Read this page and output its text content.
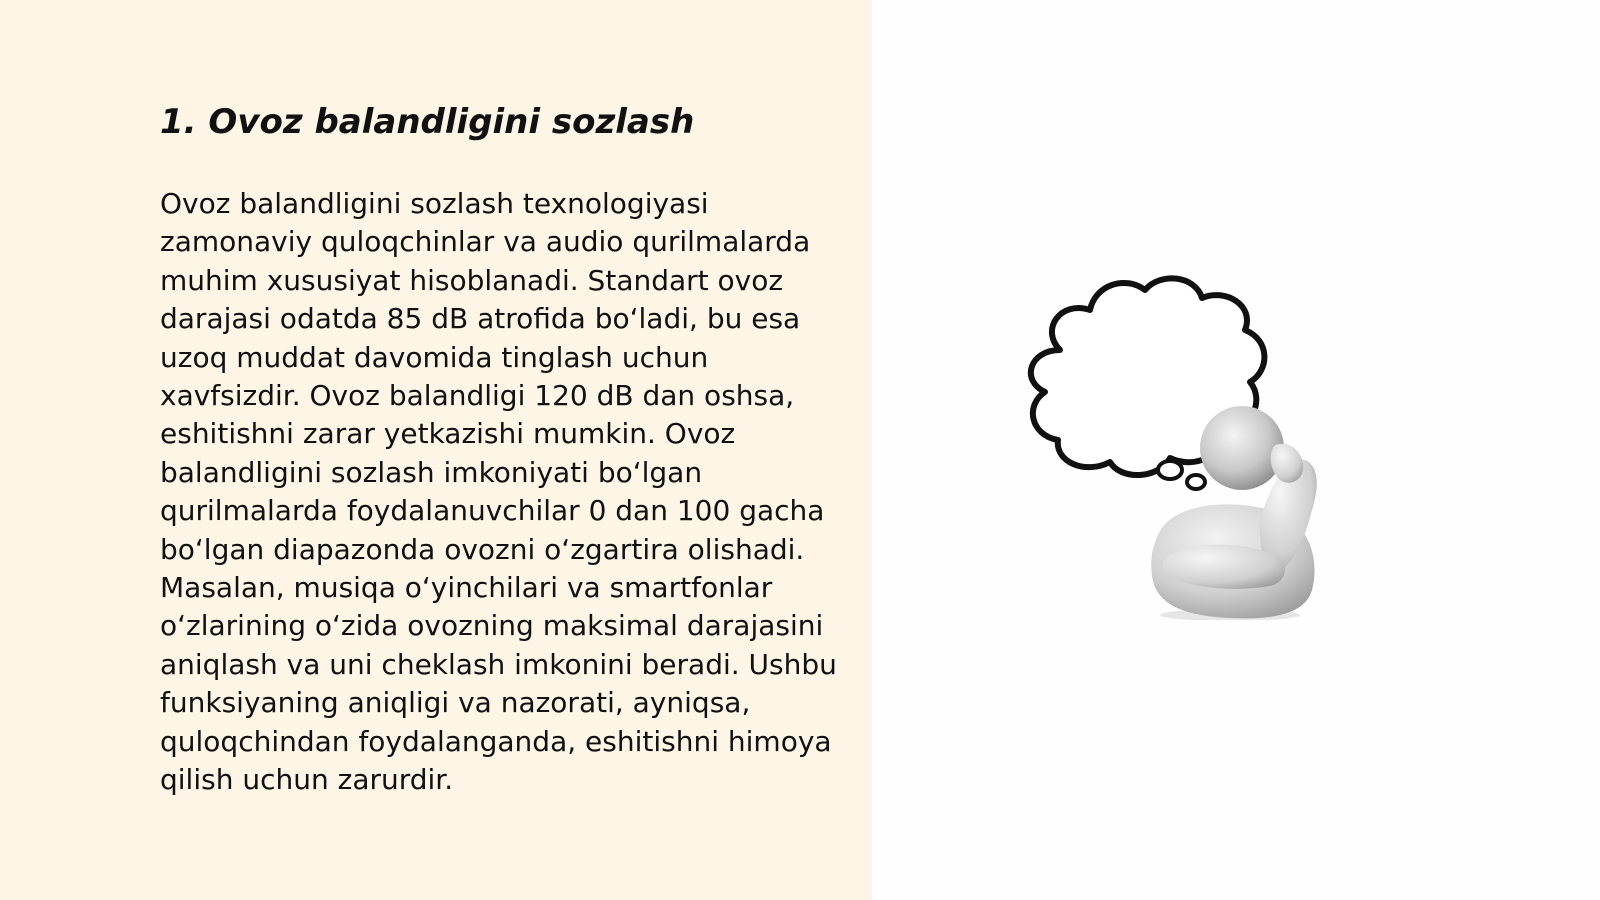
1. Ovoz balandligini sozlash

Ovoz balandligini sozlash texnologiyasi zamonaviy quloqchinlar va audio qurilmalarda muhim xususiyat hisoblanadi. Standart ovoz darajasi odatda 85 dB atrofida bo‘ladi, bu esa uzoq muddat davomida tinglash uchun xavfsizdir. Ovoz balandligi 120 dB dan oshsa, eshitishni zarar yetkazishi mumkin. Ovoz balandligini sozlash imkoniyati bo‘lgan qurilmalarda foydalanuvchilar 0 dan 100 gacha bo‘lgan diapazonda ovozni o‘zgartira olishadi. Masalan, musiqa o‘yinchilari va smartfonlar o‘zlarining o‘zida ovozning maksimal darajasini aniqlash va uni cheklash imkonini beradi. Ushbu funksiyaning aniqligi va nazorati, ayniqsa, quloqchindan foydalanganda, eshitishni himoya qilish uchun zarurdir.
